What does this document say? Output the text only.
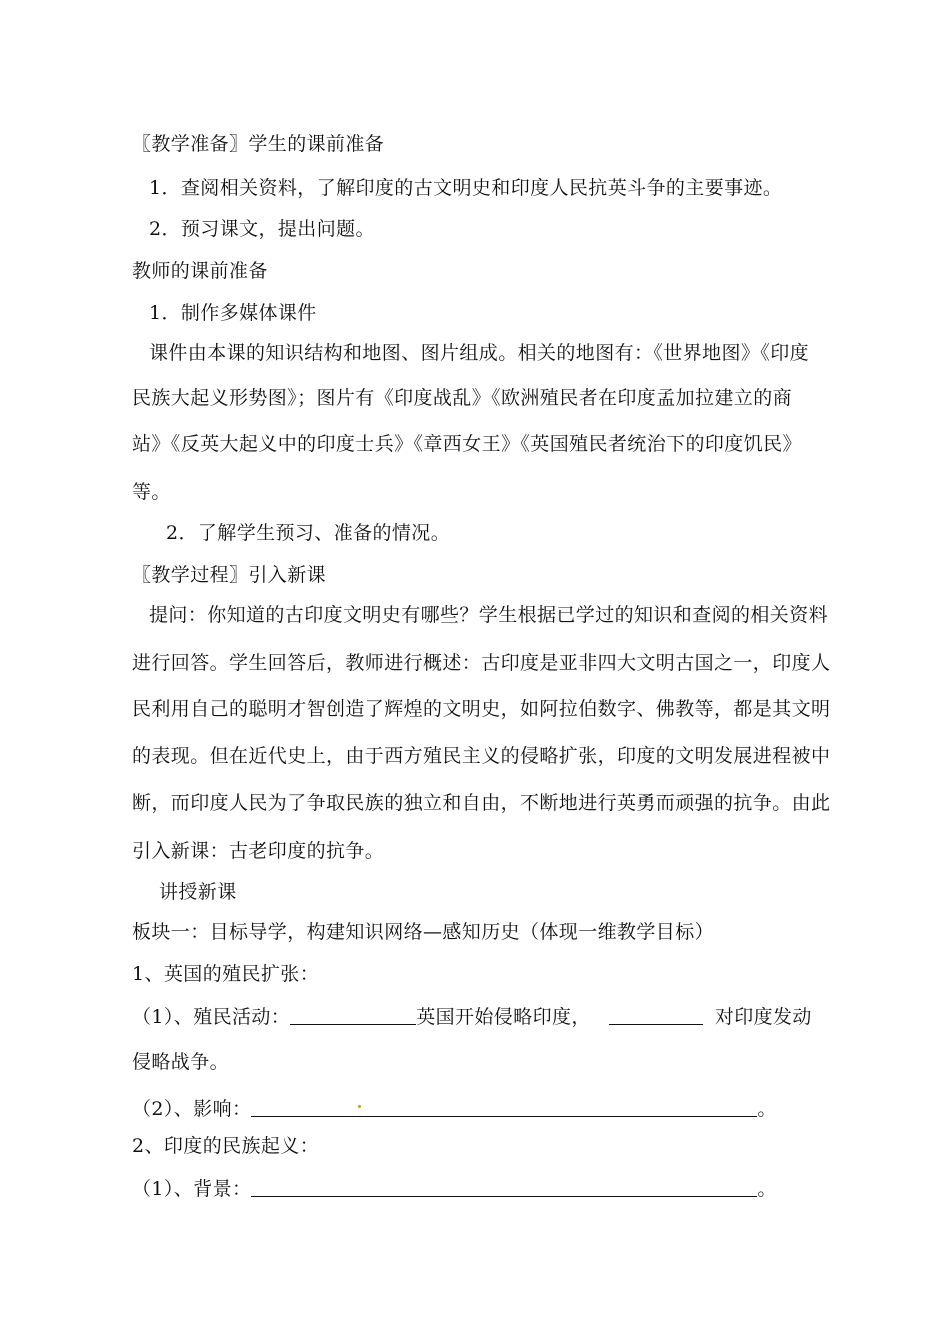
〖教学准备〗学生的课前准备
1．查阅相关资料，了解印度的古文明史和印度人民抗英斗争的主要事迹。
2．预习课文，提出问题。
教师的课前准备
1．制作多媒体课件
课件由本课的知识结构和地图、图片组成。相关的地图有：《世界地图》《印度
民族大起义形势图》；图片有《印度战乱》《欧洲殖民者在印度孟加拉建立的商
站》《反英大起义中的印度士兵》《章西女王》《英国殖民者统治下的印度饥民》
等。
2．了解学生预习、准备的情况。
〖教学过程〗引入新课
提问：你知道的古印度文明史有哪些？学生根据已学过的知识和查阅的相关资料
进行回答。学生回答后，教师进行概述：古印度是亚非四大文明古国之一，印度人
民利用自己的聪明才智创造了辉煌的文明史，如阿拉伯数字、佛教等，都是其文明
的表现。但在近代史上，由于西方殖民主义的侵略扩张，印度的文明发展进程被中
断，而印度人民为了争取民族的独立和自由，不断地进行英勇而顽强的抗争。由此
引入新课：古老印度的抗争。
讲授新课
板块一：目标导学，构建知识网络—感知历史（体现一维教学目标）
1、英国的殖民扩张：
（1）、殖民活动：	英国开始侵略印度，	对印度发动
侵略战争。
（2）、影响：	。
2、印度的民族起义：
（1）、背景：	。
